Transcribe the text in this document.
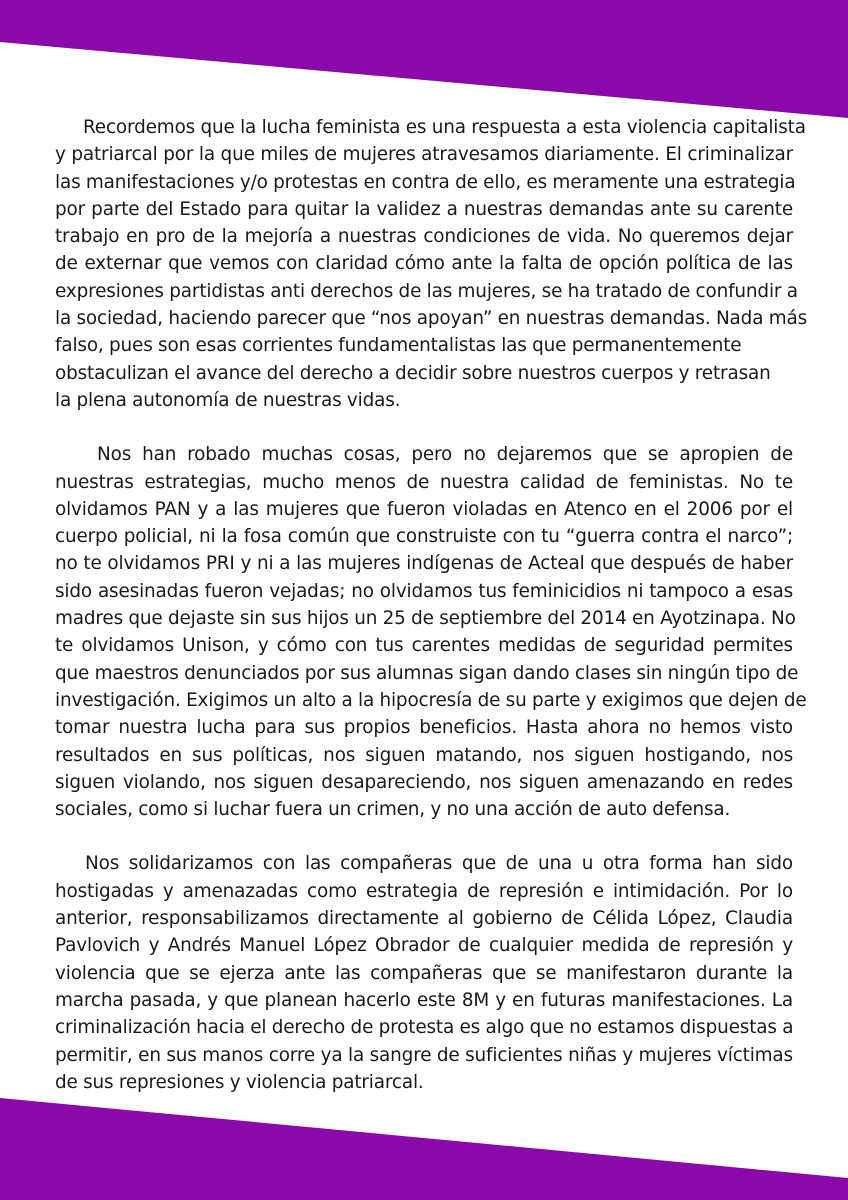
Recordemos que la lucha feminista es una respuesta a esta violencia capitalista
y patriarcal por la que miles de mujeres atravesamos diariamente. El criminalizar
las manifestaciones y/o protestas en contra de ello, es meramente una estrategia
por parte del Estado para quitar la validez a nuestras demandas ante su carente
trabajo en pro de la mejoría a nuestras condiciones de vida. No queremos dejar
de externar que vemos con claridad cómo ante la falta de opción política de las
expresiones partidistas anti derechos de las mujeres, se ha tratado de confundir a
la sociedad, haciendo parecer que “nos apoyan” en nuestras demandas. Nada más
falso, pues son esas corrientes fundamentalistas las que permanentemente
obstaculizan el avance del derecho a decidir sobre nuestros cuerpos y retrasan
la plena autonomía de nuestras vidas.
Nos han robado muchas cosas, pero no dejaremos que se apropien de
nuestras estrategias, mucho menos de nuestra calidad de feministas. No te
olvidamos PAN y a las mujeres que fueron violadas en Atenco en el 2006 por el
cuerpo policial, ni la fosa común que construiste con tu “guerra contra el narco”;
no te olvidamos PRI y ni a las mujeres indígenas de Acteal que después de haber
sido asesinadas fueron vejadas; no olvidamos tus feminicidios ni tampoco a esas
madres que dejaste sin sus hijos un 25 de septiembre del 2014 en Ayotzinapa. No
te olvidamos Unison, y cómo con tus carentes medidas de seguridad permites
que maestros denunciados por sus alumnas sigan dando clases sin ningún tipo de
investigación. Exigimos un alto a la hipocresía de su parte y exigimos que dejen de
tomar nuestra lucha para sus propios beneficios. Hasta ahora no hemos visto
resultados en sus políticas, nos siguen matando, nos siguen hostigando, nos
siguen violando, nos siguen desapareciendo, nos siguen amenazando en redes
sociales, como si luchar fuera un crimen, y no una acción de auto defensa.
Nos solidarizamos con las compañeras que de una u otra forma han sido
hostigadas y amenazadas como estrategia de represión e intimidación. Por lo
anterior, responsabilizamos directamente al gobierno de Célida López, Claudia
Pavlovich y Andrés Manuel López Obrador de cualquier medida de represión y
violencia que se ejerza ante las compañeras que se manifestaron durante la
marcha pasada, y que planean hacerlo este 8M y en futuras manifestaciones. La
criminalización hacia el derecho de protesta es algo que no estamos dispuestas a
permitir, en sus manos corre ya la sangre de suficientes niñas y mujeres víctimas
de sus represiones y violencia patriarcal.
